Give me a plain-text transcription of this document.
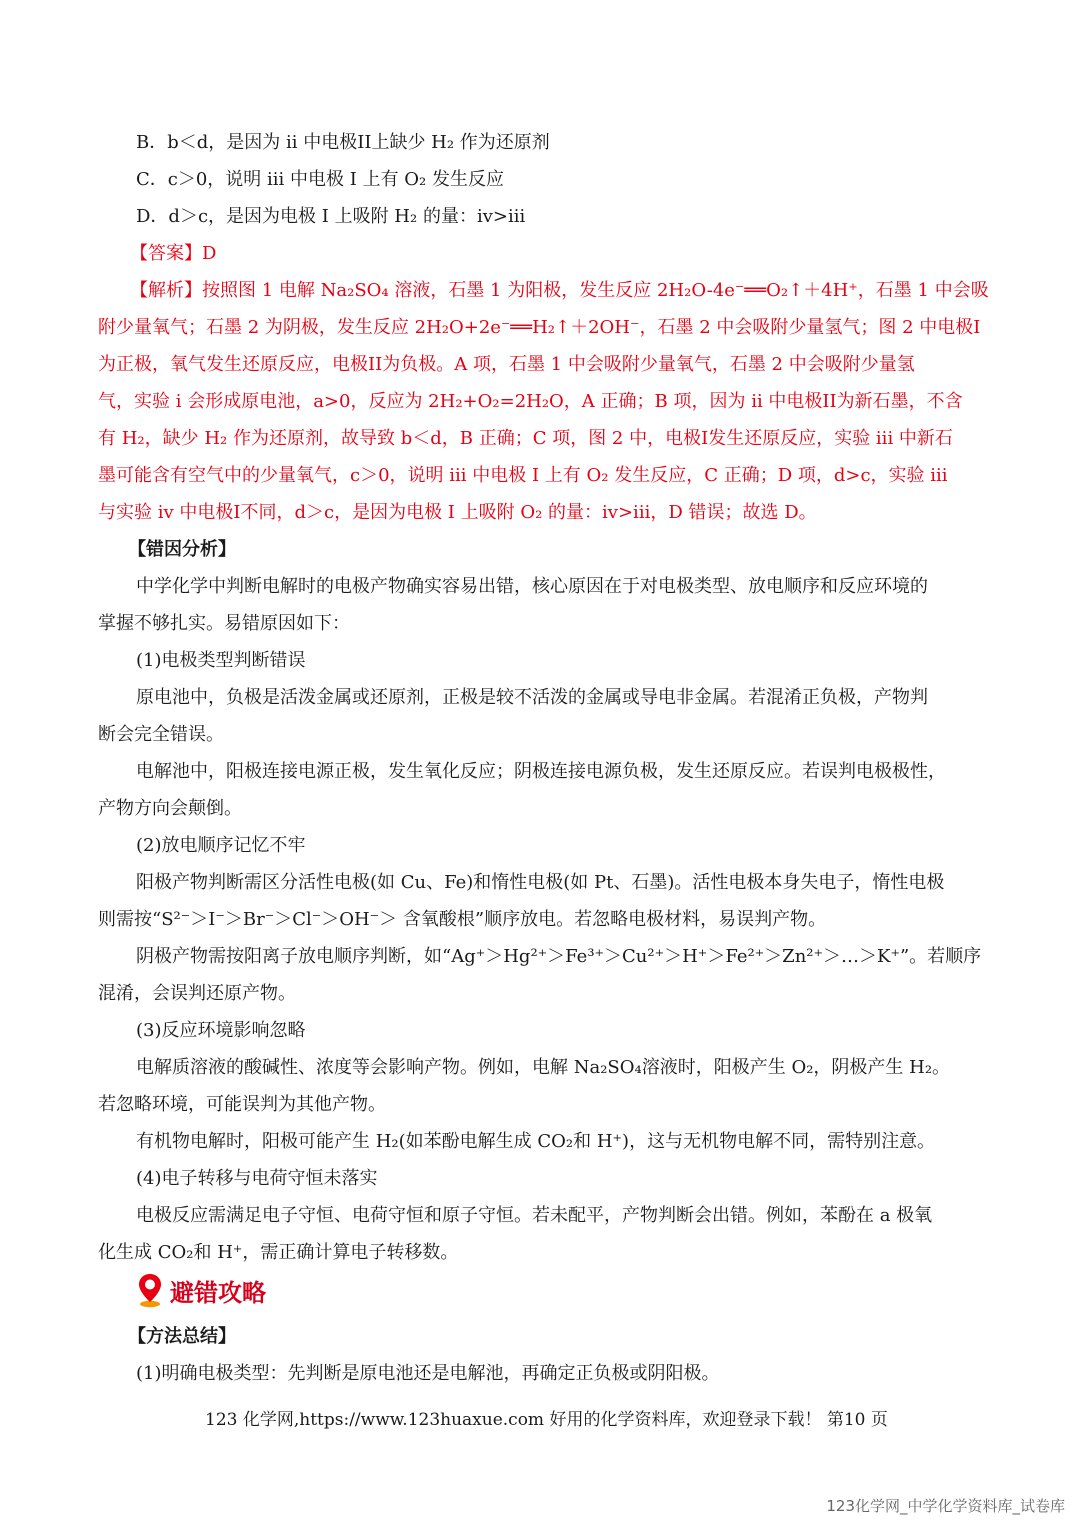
B．b＜d，是因为 ii 中电极II上缺少 H₂ 作为还原剂
C．c＞0，说明 iii 中电极 I 上有 O₂ 发生反应
D．d＞c，是因为电极 I 上吸附 H₂ 的量：iv>iii
【答案】D
【解析】按照图 1 电解 Na₂SO₄ 溶液，石墨 1 为阳极，发生反应 2H₂O-4e⁻══O₂↑＋4H⁺，石墨 1 中会吸
附少量氧气；石墨 2 为阴极，发生反应 2H₂O+2e⁻══H₂↑＋2OH⁻，石墨 2 中会吸附少量氢气；图 2 中电极I
为正极，氧气发生还原反应，电极II为负极。A 项，石墨 1 中会吸附少量氧气，石墨 2 中会吸附少量氢
气，实验 i 会形成原电池，a>0，反应为 2H₂+O₂=2H₂O，A 正确；B 项，因为 ii 中电极II为新石墨，不含
有 H₂，缺少 H₂ 作为还原剂，故导致 b＜d，B 正确；C 项，图 2 中，电极I发生还原反应，实验 iii 中新石
墨可能含有空气中的少量氧气，c＞0，说明 iii 中电极 I 上有 O₂ 发生反应，C 正确；D 项，d>c，实验 iii
与实验 iv 中电极I不同，d＞c，是因为电极 I 上吸附 O₂ 的量：iv>iii，D 错误；故选 D。
【错因分析】
中学化学中判断电解时的电极产物确实容易出错，核心原因在于对电极类型、放电顺序和反应环境的
掌握不够扎实。易错原因如下：
(1)电极类型判断错误
原电池中，负极是活泼金属或还原剂，正极是较不活泼的金属或导电非金属。若混淆正负极，产物判
断会完全错误。
电解池中，阳极连接电源正极，发生氧化反应；阴极连接电源负极，发生还原反应。若误判电极极性，
产物方向会颠倒。
(2)放电顺序记忆不牢
阳极产物判断需区分活性电极(如 Cu、Fe)和惰性电极(如 Pt、石墨)。活性电极本身失电子，惰性电极
则需按“S²⁻＞I⁻＞Br⁻＞Cl⁻＞OH⁻＞ 含氧酸根”顺序放电。若忽略电极材料，易误判产物。
阴极产物需按阳离子放电顺序判断，如“Ag⁺＞Hg²⁺＞Fe³⁺＞Cu²⁺＞H⁺＞Fe²⁺＞Zn²⁺＞…＞K⁺”。若顺序
混淆，会误判还原产物。
(3)反应环境影响忽略
电解质溶液的酸碱性、浓度等会影响产物。例如，电解 Na₂SO₄溶液时，阳极产生 O₂，阴极产生 H₂。
若忽略环境，可能误判为其他产物。
有机物电解时，阳极可能产生 H₂(如苯酚电解生成 CO₂和 H⁺)，这与无机物电解不同，需特别注意。
(4)电子转移与电荷守恒未落实
电极反应需满足电子守恒、电荷守恒和原子守恒。若未配平，产物判断会出错。例如，苯酚在 a 极氧
化生成 CO₂和 H⁺，需正确计算电子转移数。
避错攻略
【方法总结】
(1)明确电极类型：先判断是原电池还是电解池，再确定正负极或阴阳极。
123 化学网,https://www.123huaxue.com 好用的化学资料库，欢迎登录下载！ 第10 页
123化学网_中学化学资料库_试卷库
